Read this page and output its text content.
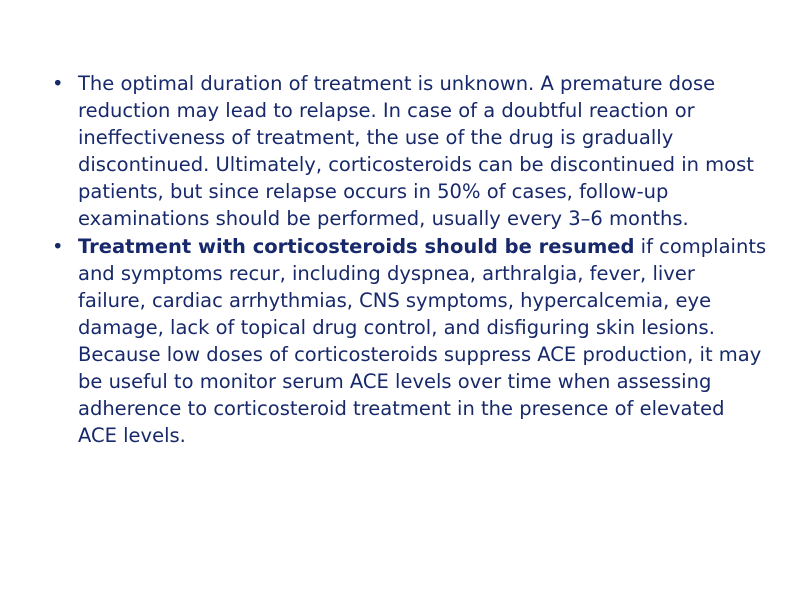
• The optimal duration of treatment is unknown. A premature dose reduction may lead to relapse. In case of a doubtful reaction or ineffectiveness of treatment, the use of the drug is gradually discontinued. Ultimately, corticosteroids can be discontinued in most patients, but since relapse occurs in 50% of cases, follow-up examinations should be performed, usually every 3–6 months.
• Treatment with corticosteroids should be resumed if complaints and symptoms recur, including dyspnea, arthralgia, fever, liver failure, cardiac arrhythmias, CNS symptoms, hypercalcemia, eye damage, lack of topical drug control, and disfiguring skin lesions. Because low doses of corticosteroids suppress ACE production, it may be useful to monitor serum ACE levels over time when assessing adherence to corticosteroid treatment in the presence of elevated ACE levels.
